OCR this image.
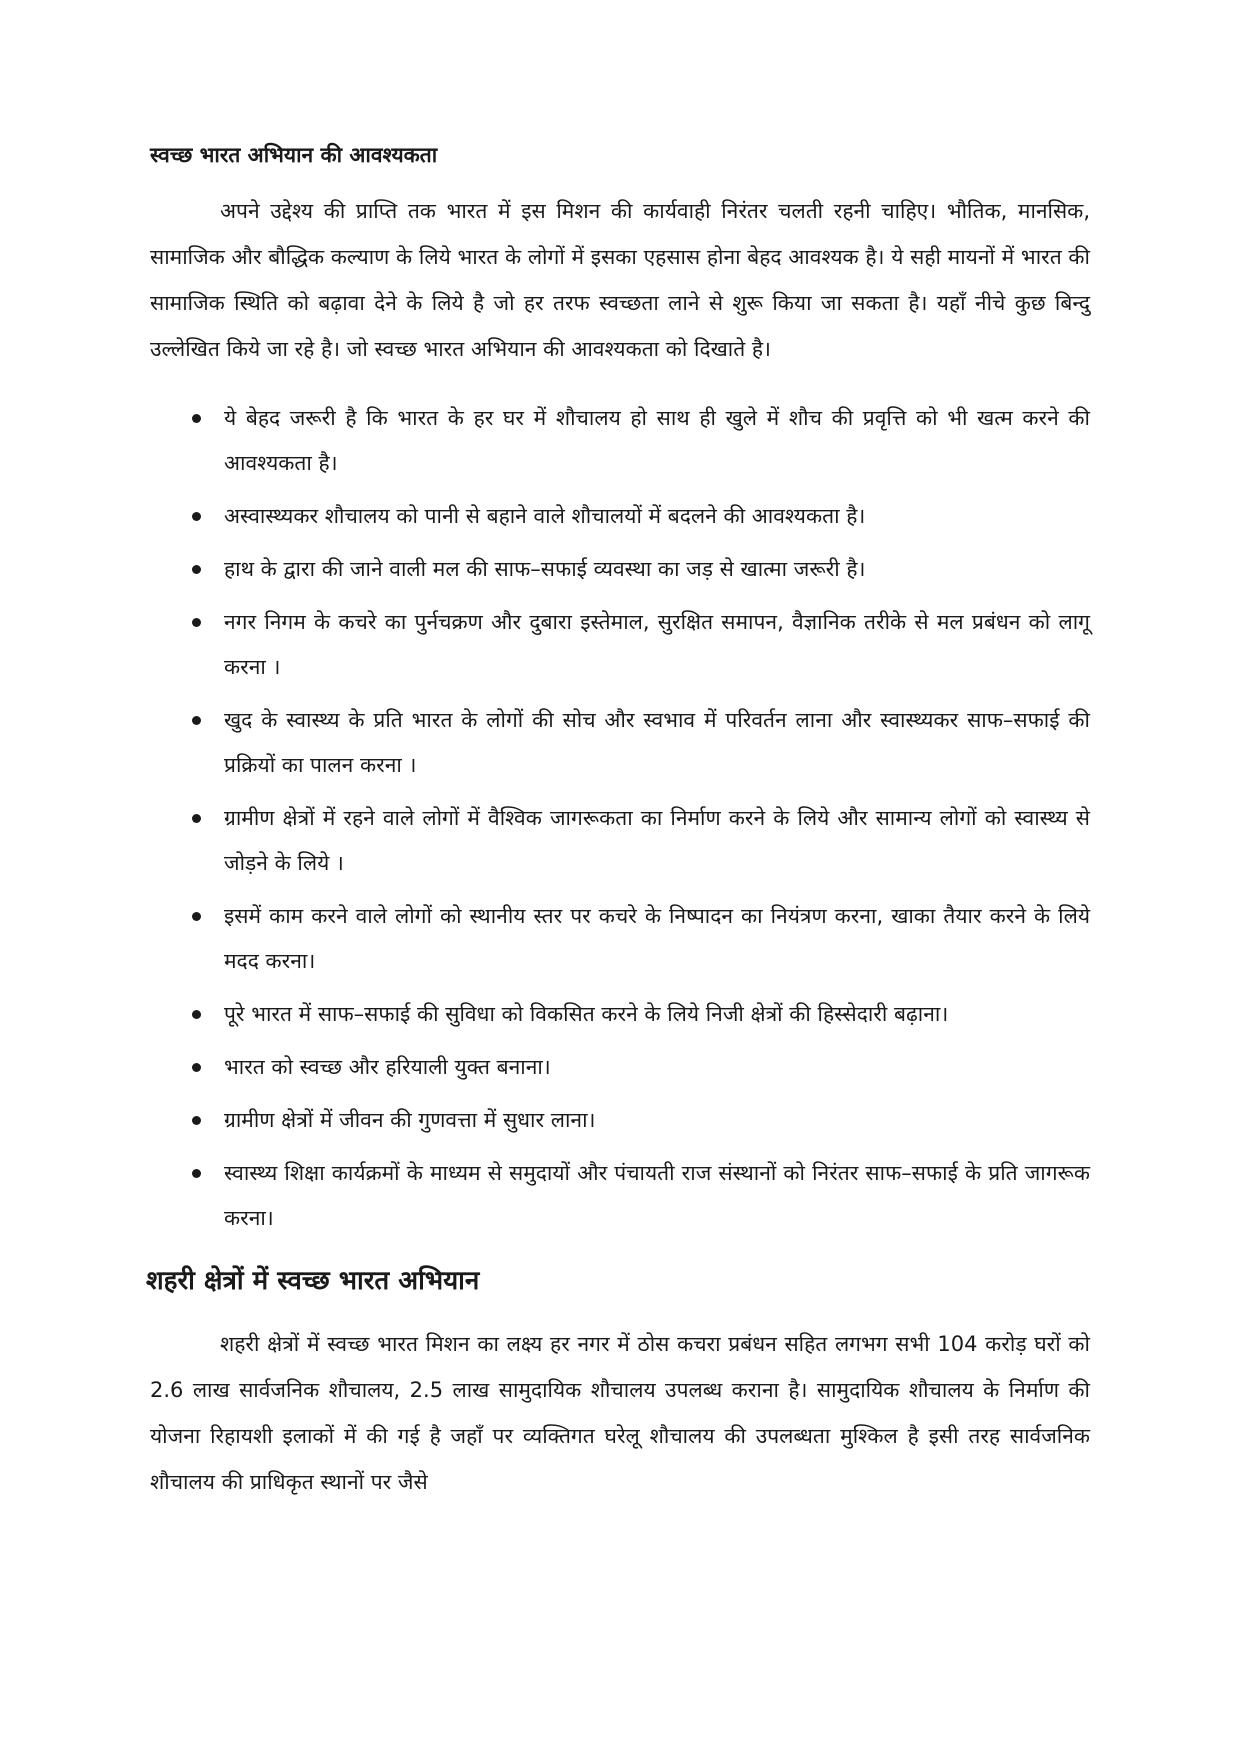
स्वच्छ भारत अभियान की आवश्यकता

अपने उद्देश्य की प्राप्ति तक भारत में इस मिशन की कार्यवाही निरंतर चलती रहनी चाहिए। भौतिक, मानसिक, सामाजिक और बौद्धिक कल्याण के लिये भारत के लोगों में इसका एहसास होना बेहद आवश्यक है। ये सही मायनों में भारत की सामाजिक स्थिति को बढ़ावा देने के लिये है जो हर तरफ स्वच्छता लाने से शुरू किया जा सकता है। यहाँ नीचे कुछ बिन्दु उल्लेखित किये जा रहे है। जो स्वच्छ भारत अभियान की आवश्यकता को दिखाते है।

ये बेहद जरूरी है कि भारत के हर घर में शौचालय हो साथ ही खुले में शौच की प्रवृत्ति को भी खत्म करने की आवश्यकता है।
अस्वास्थ्यकर शौचालय को पानी से बहाने वाले शौचालयों में बदलने की आवश्यकता है।
हाथ के द्वारा की जाने वाली मल की साफ–सफाई व्यवस्था का जड़ से खात्मा जरूरी है।
नगर निगम के कचरे का पुर्नचक्रण और दुबारा इस्तेमाल, सुरक्षित समापन, वैज्ञानिक तरीके से मल प्रबंधन को लागू करना ।
खुद के स्वास्थ्य के प्रति भारत के लोगों की सोच और स्वभाव में परिवर्तन लाना और स्वास्थ्यकर साफ–सफाई की प्रक्रियों का पालन करना ।
ग्रामीण क्षेत्रों में रहने वाले लोगों में वैश्विक जागरूकता का निर्माण करने के लिये और सामान्य लोगों को स्वास्थ्य से जोड़ने के लिये ।
इसमें काम करने वाले लोगों को स्थानीय स्तर पर कचरे के निष्पादन का नियंत्रण करना, खाका तैयार करने के लिये मदद करना।
पूरे भारत में साफ–सफाई की सुविधा को विकसित करने के लिये निजी क्षेत्रों की हिस्सेदारी बढ़ाना।
भारत को स्वच्छ और हरियाली युक्त बनाना।
ग्रामीण क्षेत्रों में जीवन की गुणवत्ता में सुधार लाना।
स्वास्थ्य शिक्षा कार्यक्रमों के माध्यम से समुदायों और पंचायती राज संस्थानों को निरंतर साफ–सफाई के प्रति जागरूक करना।
शहरी क्षेत्रों में स्वच्छ भारत अभियान

शहरी क्षेत्रों में स्वच्छ भारत मिशन का लक्ष्य हर नगर में ठोस कचरा प्रबंधन सहित लगभग सभी 104 करोड़ घरों को 2.6 लाख सार्वजनिक शौचालय, 2.5 लाख सामुदायिक शौचालय उपलब्ध कराना है। सामुदायिक शौचालय के निर्माण की योजना रिहायशी इलाकों में की गई है जहाँ पर व्यक्तिगत घरेलू शौचालय की उपलब्धता मुश्किल है इसी तरह सार्वजनिक शौचालय की प्राधिकृत स्थानों पर जैसे
